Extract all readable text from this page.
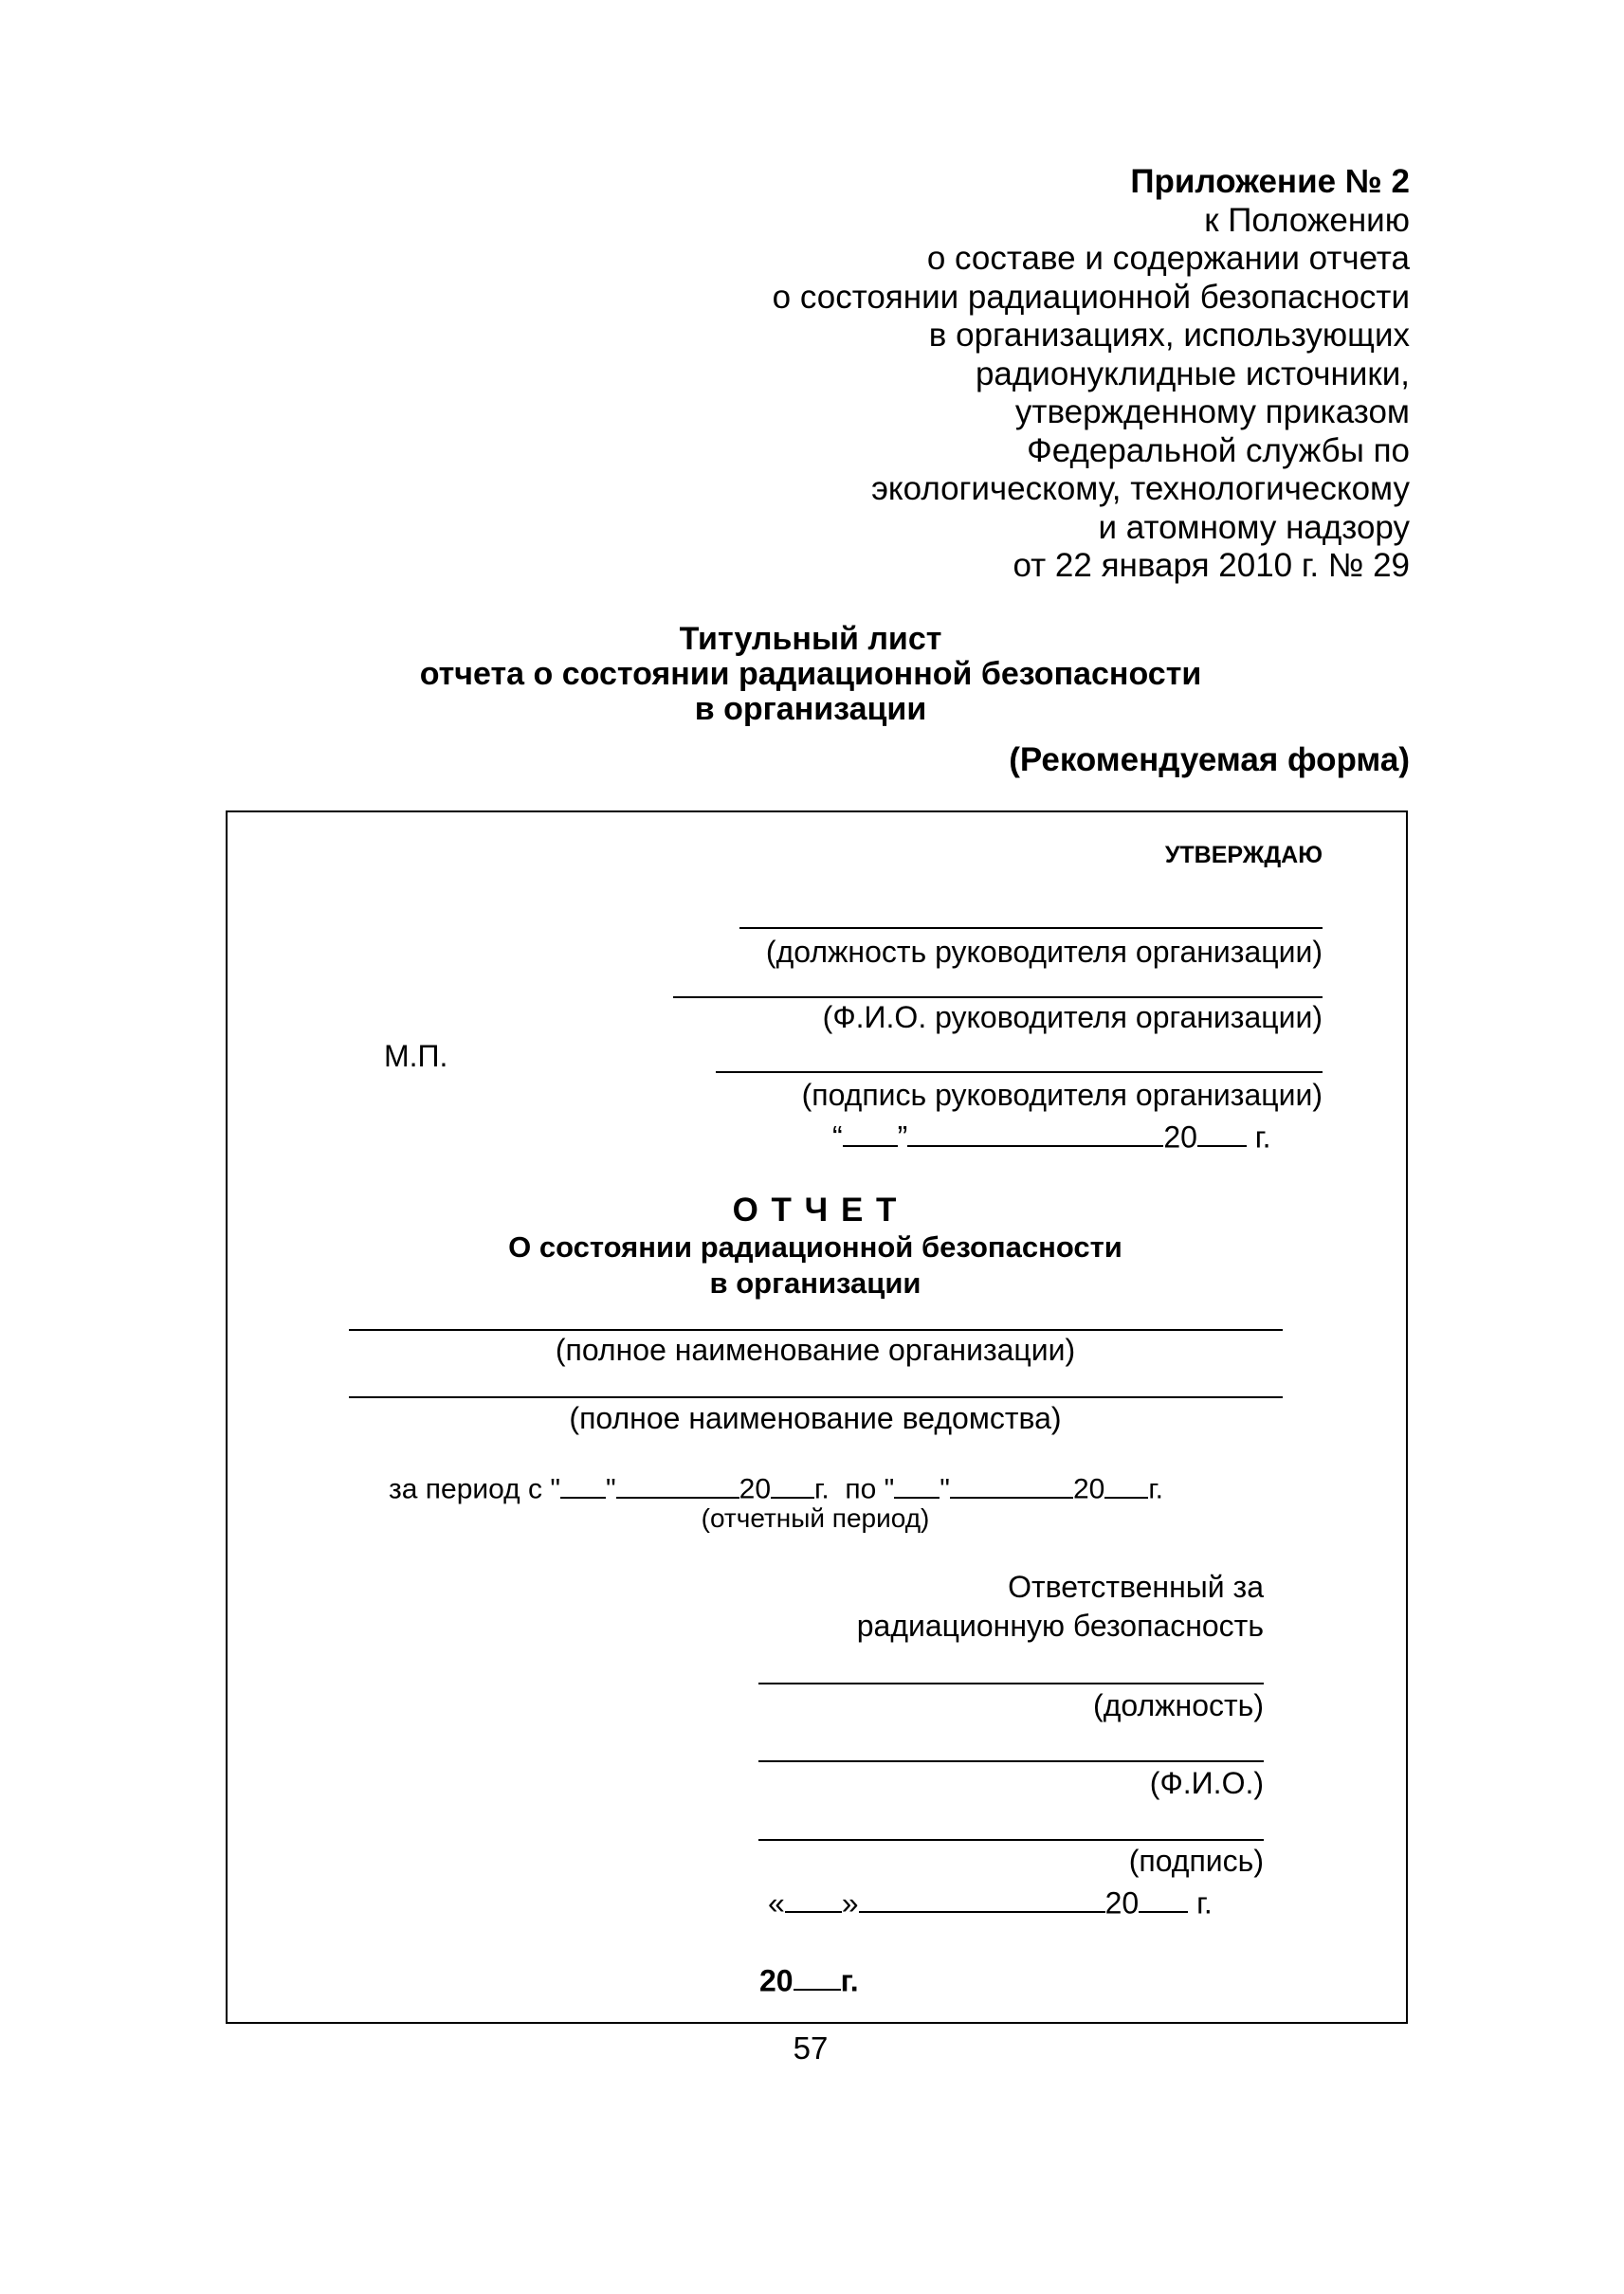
Приложение № 2
к Положению
о составе и содержании отчета
о состоянии радиационной безопасности
в организациях, использующих
радионуклидные источники,
утвержденному приказом
Федеральной службы по
экологическому, технологическому
и атомному надзору
от 22 января 2010 г. № 29
Титульный лист
отчета о состоянии радиационной безопасности
в организации
(Рекомендуемая форма)
УТВЕРЖДАЮ
(должность руководителя организации)
(Ф.И.О. руководителя организации)
М.П.
(подпись руководителя организации)
“ ”	20 г.
О Т Ч Е Т
О состоянии радиационной безопасности
в организации
(полное наименование организации)
(полное наименование ведомства)
за период с " "	20 г. по " "	20 г.
(отчетный период)
Ответственный за
радиационную безопасность
(должность)
(Ф.И.О.)
(подпись)
« »	20 г.
20 г.
57
